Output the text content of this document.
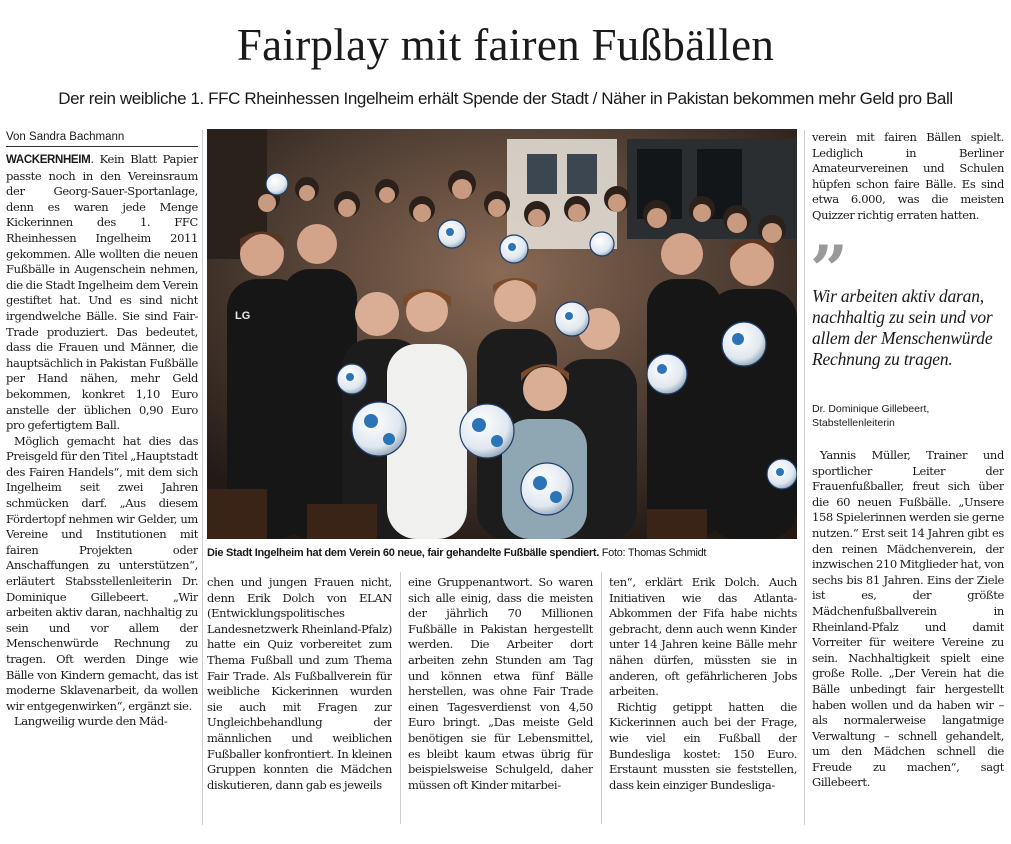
Fairplay mit fairen Fußbällen
Der rein weibliche 1. FFC Rheinhessen Ingelheim erhält Spende der Stadt / Näher in Pakistan bekommen mehr Geld pro Ball
Von Sandra Bachmann

WACKERNHEIM. Kein Blatt Papier passte noch in den Vereinsraum der Georg-Sauer-Sportanlage, denn es waren jede Menge Kickerinnen des 1. FFC Rheinhessen Ingelheim 2011 gekommen. Alle wollten die neuen Fußbälle in Augenschein nehmen, die die Stadt Ingelheim dem Verein gestiftet hat. Und es sind nicht irgendwelche Bälle. Sie sind Fair-Trade produziert. Das bedeutet, dass die Frauen und Männer, die hauptsächlich in Pakistan Fußbälle per Hand nähen, mehr Geld bekommen, konkret 1,10 Euro anstelle der üblichen 0,90 Euro pro gefertigtem Ball.

Möglich gemacht hat dies das Preisgeld für den Titel „Hauptstadt des Fairen Handels“, mit dem sich Ingelheim seit zwei Jahren schmücken darf. „Aus diesem Fördertopf nehmen wir Gelder, um Vereine und Institutionen mit fairen Projekten oder Anschaffungen zu unterstützen“, erläutert Stabsstellenleiterin Dr. Dominique Gillebeert. „Wir arbeiten aktiv daran, nachhaltig zu sein und vor allem der Menschenwürde Rechnung zu tragen. Oft werden Dinge wie Bälle von Kindern gemacht, das ist moderne Sklavenarbeit, da wollen wir entgegenwirken“, ergänzt sie.

Langweilig wurde den Mäd-

LG
Die Stadt Ingelheim hat dem Verein 60 neue, fair gehandelte Fußbälle spendiert. Foto: Thomas Schmidt

chen und jungen Frauen nicht, denn Erik Dolch von ELAN (Entwicklungspolitisches Landesnetzwerk Rheinland-Pfalz) hatte ein Quiz vorbereitet zum Thema Fußball und zum Thema Fair Trade. Als Fußballverein für weibliche Kickerinnen wurden sie auch mit Fragen zur Ungleichbehandlung der männlichen und weiblichen Fußballer konfrontiert. In kleinen Gruppen konnten die Mädchen diskutieren, dann gab es jeweils

eine Gruppenantwort. So waren sich alle einig, dass die meisten der jährlich 70 Millionen Fußbälle in Pakistan hergestellt werden. Die Arbeiter dort arbeiten zehn Stunden am Tag und können etwa fünf Bälle herstellen, was ohne Fair Trade einen Tagesverdienst von 4,50 Euro bringt. „Das meiste Geld benötigen sie für Lebensmittel, es bleibt kaum etwas übrig für beispielsweise Schulgeld, daher müssen oft Kinder mitarbei-

ten“, erklärt Erik Dolch. Auch Initiativen wie das Atlanta-Abkommen der Fifa habe nichts gebracht, denn auch wenn Kinder unter 14 Jahren keine Bälle mehr nähen dürfen, müssten sie in anderen, oft gefährlicheren Jobs arbeiten.

Richtig getippt hatten die Kickerinnen auch bei der Frage, wie viel ein Fußball der Bundesliga kostet: 150 Euro. Erstaunt mussten sie feststellen, dass kein einziger Bundesliga-

verein mit fairen Bällen spielt. Lediglich in Berliner Amateurvereinen und Schulen hüpfen schon faire Bälle. Es sind etwa 6.000, was die meisten Quizzer richtig erraten hatten.

”
Wir arbeiten aktiv daran, nachhaltig zu sein und vor allem der Menschenwürde Rechnung zu tragen.
Dr. Dominique Gillebeert,
Stabstellenleiterin

Yannis Müller, Trainer und sportlicher Leiter der Frauenfußballer, freut sich über die 60 neuen Fußbälle. „Unsere 158 Spielerinnen werden sie gerne nutzen.“ Erst seit 14 Jahren gibt es den reinen Mädchenverein, der inzwischen 210 Mitglieder hat, von sechs bis 81 Jahren. Eins der Ziele ist es, der größte Mädchenfußballverein in Rheinland-Pfalz und damit Vorreiter für weitere Vereine zu sein. Nachhaltigkeit spielt eine große Rolle. „Der Verein hat die Bälle unbedingt fair hergestellt haben wollen und da haben wir – als normalerweise langatmige Verwaltung – schnell gehandelt, um den Mädchen schnell die Freude zu machen“, sagt Gillebeert.
